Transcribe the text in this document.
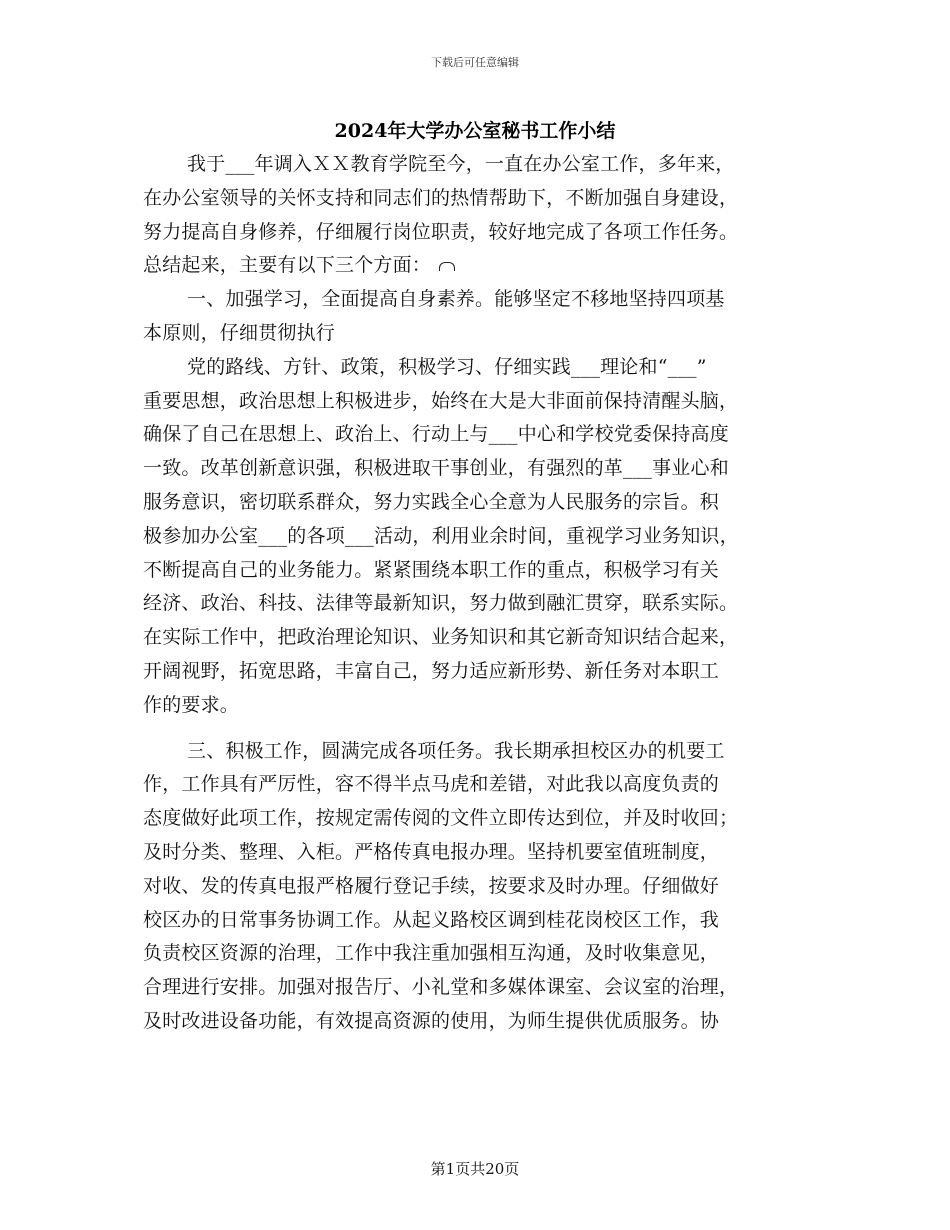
下载后可任意编辑
2024年大学办公室秘书工作小结
我于___年调入ＸＸ教育学院至今，一直在办公室工作，多年来，
在办公室领导的关怀支持和同志们的热情帮助下，不断加强自身建设，
努力提高自身修养，仔细履行岗位职责，较好地完成了各项工作任务。
总结起来，主要有以下三个方面：
一、加强学习，全面提高自身素养。能够坚定不移地坚持四项基
本原则，仔细贯彻执行
党的路线、方针、政策，积极学习、仔细实践___理论和“___”
重要思想，政治思想上积极进步，始终在大是大非面前保持清醒头脑，
确保了自己在思想上、政治上、行动上与___中心和学校党委保持高度
一致。改革创新意识强，积极进取干事创业，有强烈的革___事业心和
服务意识，密切联系群众，努力实践全心全意为人民服务的宗旨。积
极参加办公室___的各项___活动，利用业余时间，重视学习业务知识，
不断提高自己的业务能力。紧紧围绕本职工作的重点，积极学习有关
经济、政治、科技、法律等最新知识，努力做到融汇贯穿，联系实际。
在实际工作中，把政治理论知识、业务知识和其它新奇知识结合起来，
开阔视野，拓宽思路，丰富自己，努力适应新形势、新任务对本职工
作的要求。
三、积极工作，圆满完成各项任务。我长期承担校区办的机要工
作，工作具有严厉性，容不得半点马虎和差错，对此我以高度负责的
态度做好此项工作，按规定需传阅的文件立即传达到位，并及时收回；
及时分类、整理、入柜。严格传真电报办理。坚持机要室值班制度，
对收、发的传真电报严格履行登记手续，按要求及时办理。仔细做好
校区办的日常事务协调工作。从起义路校区调到桂花岗校区工作，我
负责校区资源的治理，工作中我注重加强相互沟通，及时收集意见，
合理进行安排。加强对报告厅、小礼堂和多媒体课室、会议室的治理，
及时改进设备功能，有效提高资源的使用，为师生提供优质服务。协
第1页共20页
